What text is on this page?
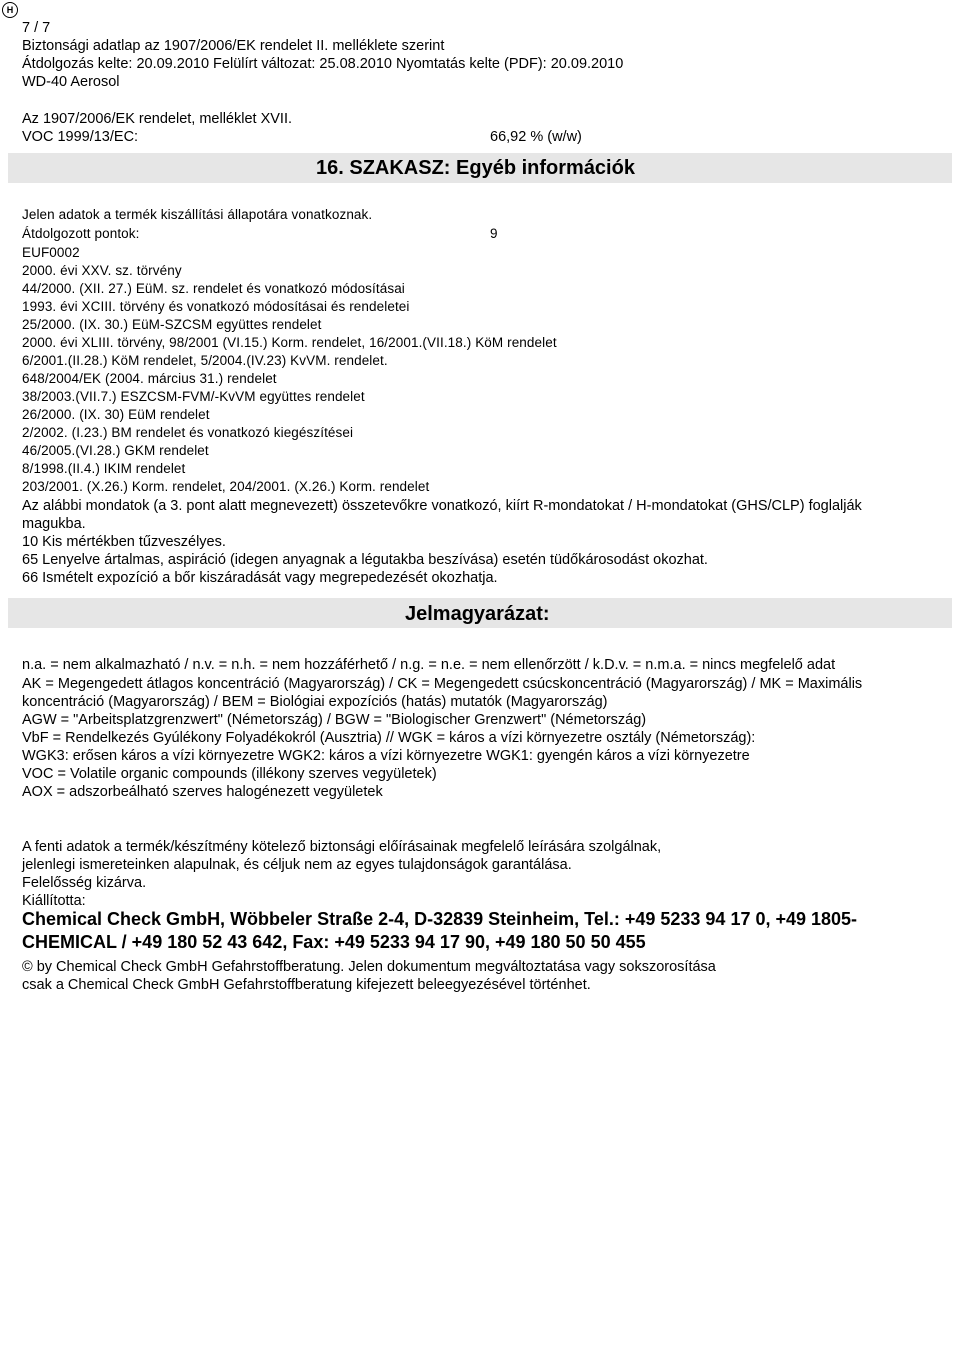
H
7 / 7
Biztonsági adatlap az 1907/2006/EK rendelet II. melléklete szerint
Átdolgozás kelte: 20.09.2010 Felülírt változat: 25.08.2010 Nyomtatás kelte (PDF): 20.09.2010
WD-40 Aerosol
Az 1907/2006/EK rendelet, melléklet XVII.
VOC 1999/13/EC:	66,92 % (w/w)
16. SZAKASZ: Egyéb információk
Jelen adatok a termék kiszállítási állapotára vonatkoznak.
Átdolgozott pontok:	9
EUF0002
2000. évi XXV. sz. törvény
44/2000. (XII. 27.) EüM. sz. rendelet és vonatkozó módosításai
1993. évi XCIII. törvény és vonatkozó módosításai és rendeletei
25/2000. (IX. 30.) EüM-SZCSM együttes rendelet
2000. évi XLIII. törvény, 98/2001 (VI.15.) Korm. rendelet, 16/2001.(VII.18.) KöM rendelet
6/2001.(II.28.) KöM rendelet, 5/2004.(IV.23) KvVM. rendelet.
648/2004/EK (2004. március 31.) rendelet
38/2003.(VII.7.) ESZCSM-FVM/-KvVM együttes rendelet
26/2000. (IX. 30) EüM rendelet
2/2002. (I.23.) BM rendelet és vonatkozó kiegészítései
46/2005.(VI.28.) GKM rendelet
8/1998.(II.4.) IKIM rendelet
203/2001. (X.26.) Korm. rendelet, 204/2001. (X.26.) Korm. rendelet
Az alábbi mondatok (a 3. pont alatt megnevezett) összetevőkre vonatkozó, kiírt R-mondatokat / H-mondatokat (GHS/CLP) foglalják
magukba.
10 Kis mértékben tűzveszélyes.
65 Lenyelve ártalmas, aspiráció (idegen anyagnak a légutakba beszívása) esetén tüdőkárosodást okozhat.
66 Ismételt expozíció a bőr kiszáradását vagy megrepedezését okozhatja.
Jelmagyarázat:
n.a. = nem alkalmazható / n.v. = n.h. = nem hozzáférhető / n.g. = n.e. = nem ellenőrzött / k.D.v. = n.m.a. = nincs megfelelő adat
AK = Megengedett átlagos koncentráció (Magyarország) / CK = Megengedett csúcskoncentráció (Magyarország) / MK = Maximális
koncentráció (Magyarország) / BEM = Biológiai expozíciós (hatás) mutatók (Magyarország)
AGW = "Arbeitsplatzgrenzwert" (Németország) / BGW = "Biologischer Grenzwert" (Németország)
VbF = Rendelkezés Gyúlékony Folyadékokról (Ausztria) // WGK = káros a vízi környezetre osztály (Németország):
WGK3: erősen káros a vízi környezetre WGK2: káros a vízi környezetre WGK1: gyengén káros a vízi környezetre
VOC = Volatile organic compounds (illékony szerves vegyületek)
AOX = adszorbeálható szerves halogénezett vegyületek
A fenti adatok a termék/készítmény kötelező biztonsági előírásainak megfelelő leírására szolgálnak,
jelenlegi ismereteinken alapulnak, és céljuk nem az egyes tulajdonságok garantálása.
Felelősség kizárva.
Kiállította:
Chemical Check GmbH, Wöbbeler Straße 2-4, D-32839 Steinheim, Tel.: +49 5233 94 17 0, +49 1805-
CHEMICAL / +49 180 52 43 642, Fax: +49 5233 94 17 90, +49 180 50 50 455
© by Chemical Check GmbH Gefahrstoffberatung. Jelen dokumentum megváltoztatása vagy sokszorosítása
csak a Chemical Check GmbH Gefahrstoffberatung kifejezett beleegyezésével történhet.
